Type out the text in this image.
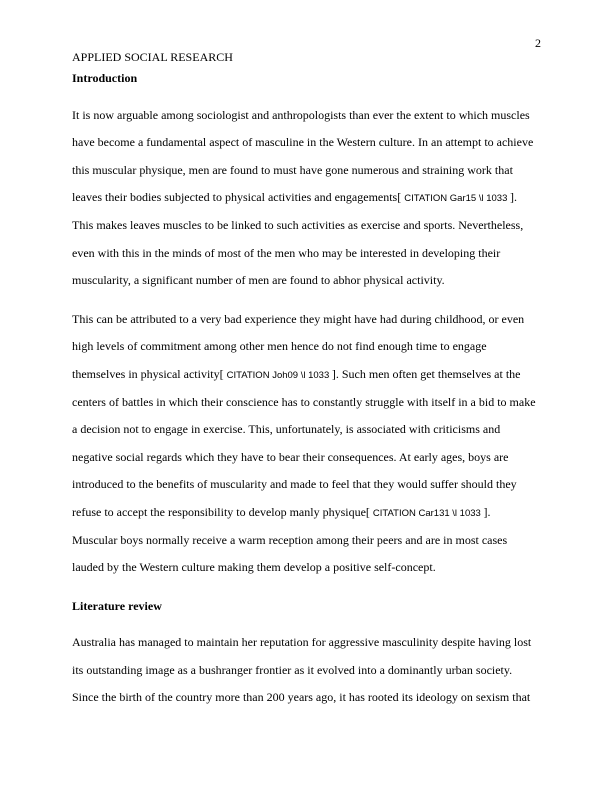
2
APPLIED SOCIAL RESEARCH

Introduction

It is now arguable among sociologist and anthropologists than ever the extent to which muscles
have become a fundamental aspect of masculine in the Western culture. In an attempt to achieve
this muscular physique, men are found to must have gone numerous and straining work that
leaves their bodies subjected to physical activities and engagements[ CITATION Gar15 \l 1033 ].
This makes leaves muscles to be linked to such activities as exercise and sports. Nevertheless,
even with this in the minds of most of the men who may be interested in developing their
muscularity, a significant number of men are found to abhor physical activity.
This can be attributed to a very bad experience they might have had during childhood, or even
high levels of commitment among other men hence do not find enough time to engage
themselves in physical activity[ CITATION Joh09 \l 1033 ]. Such men often get themselves at the
centers of battles in which their conscience has to constantly struggle with itself in a bid to make
a decision not to engage in exercise. This, unfortunately, is associated with criticisms and
negative social regards which they have to bear their consequences. At early ages, boys are
introduced to the benefits of muscularity and made to feel that they would suffer should they
refuse to accept the responsibility to develop manly physique[ CITATION Car131 \l 1033 ].
Muscular boys normally receive a warm reception among their peers and are in most cases
lauded by the Western culture making them develop a positive self-concept.

Literature review

Australia has managed to maintain her reputation for aggressive masculinity despite having lost
its outstanding image as a bushranger frontier as it evolved into a dominantly urban society.
Since the birth of the country more than 200 years ago, it has rooted its ideology on sexism that
